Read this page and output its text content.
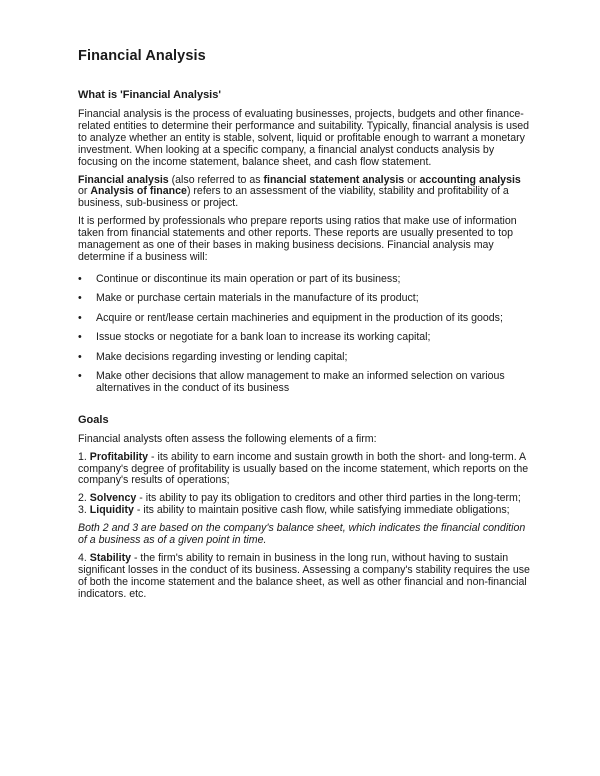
Financial Analysis
What is 'Financial Analysis'

Financial analysis is the process of evaluating businesses, projects, budgets and other finance-related entities to determine their performance and suitability. Typically, financial analysis is used to analyze whether an entity is stable, solvent, liquid or profitable enough to warrant a monetary investment. When looking at a specific company, a financial analyst conducts analysis by focusing on the income statement, balance sheet, and cash flow statement.

Financial analysis (also referred to as financial statement analysis or accounting analysis or Analysis of finance) refers to an assessment of the viability, stability and profitability of a business, sub-business or project.

It is performed by professionals who prepare reports using ratios that make use of information taken from financial statements and other reports. These reports are usually presented to top management as one of their bases in making business decisions. Financial analysis may determine if a business will:

• Continue or discontinue its main operation or part of its business;
• Make or purchase certain materials in the manufacture of its product;
• Acquire or rent/lease certain machineries and equipment in the production of its goods;
• Issue stocks or negotiate for a bank loan to increase its working capital;
• Make decisions regarding investing or lending capital;
• Make other decisions that allow management to make an informed selection on various alternatives in the conduct of its business
Goals

Financial analysts often assess the following elements of a firm:

1. Profitability - its ability to earn income and sustain growth in both the short- and long-term. A company's degree of profitability is usually based on the income statement, which reports on the company's results of operations;

2. Solvency - its ability to pay its obligation to creditors and other third parties in the long-term;

3. Liquidity - its ability to maintain positive cash flow, while satisfying immediate obligations;

Both 2 and 3 are based on the company's balance sheet, which indicates the financial condition of a business as of a given point in time.

4. Stability - the firm's ability to remain in business in the long run, without having to sustain significant losses in the conduct of its business. Assessing a company's stability requires the use of both the income statement and the balance sheet, as well as other financial and non-financial indicators. etc.
